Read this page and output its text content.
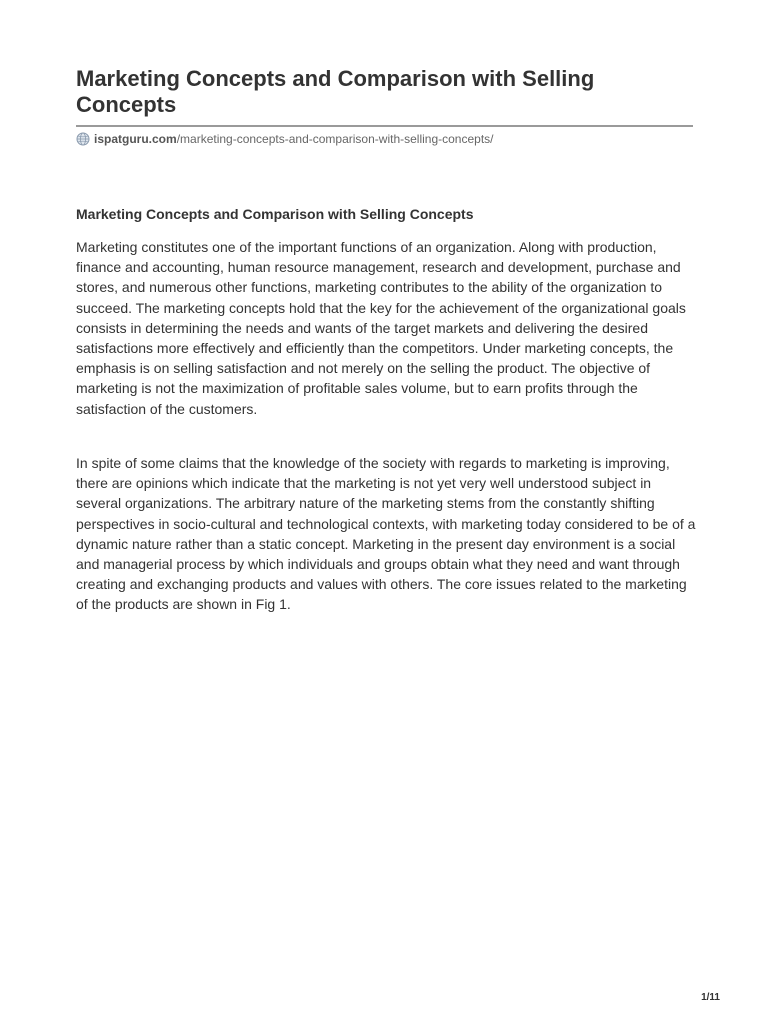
Marketing Concepts and Comparison with Selling Concepts
ispatguru.com /marketing-concepts-and-comparison-with-selling-concepts/
Marketing Concepts and Comparison with Selling Concepts

Marketing constitutes one of the important functions of an organization. Along with production, finance and accounting, human resource management, research and development, purchase and stores, and numerous other functions, marketing contributes to the ability of the organization to succeed. The marketing concepts hold that the key for the achievement of the organizational goals consists in determining the needs and wants of the target markets and delivering the desired satisfactions more effectively and efficiently than the competitors. Under marketing concepts, the emphasis is on selling satisfaction and not merely on the selling the product. The objective of marketing is not the maximization of profitable sales volume, but to earn profits through the satisfaction of the customers.

In spite of some claims that the knowledge of the society with regards to marketing is improving, there are opinions which indicate that the marketing is not yet very well understood subject in several organizations. The arbitrary nature of the marketing stems from the constantly shifting perspectives in socio-cultural and technological contexts, with marketing today considered to be of a dynamic nature rather than a static concept. Marketing in the present day environment is a social and managerial process by which individuals and groups obtain what they need and want through creating and exchanging products and values with others. The core issues related to the marketing of the products are shown in Fig 1.

1/11
